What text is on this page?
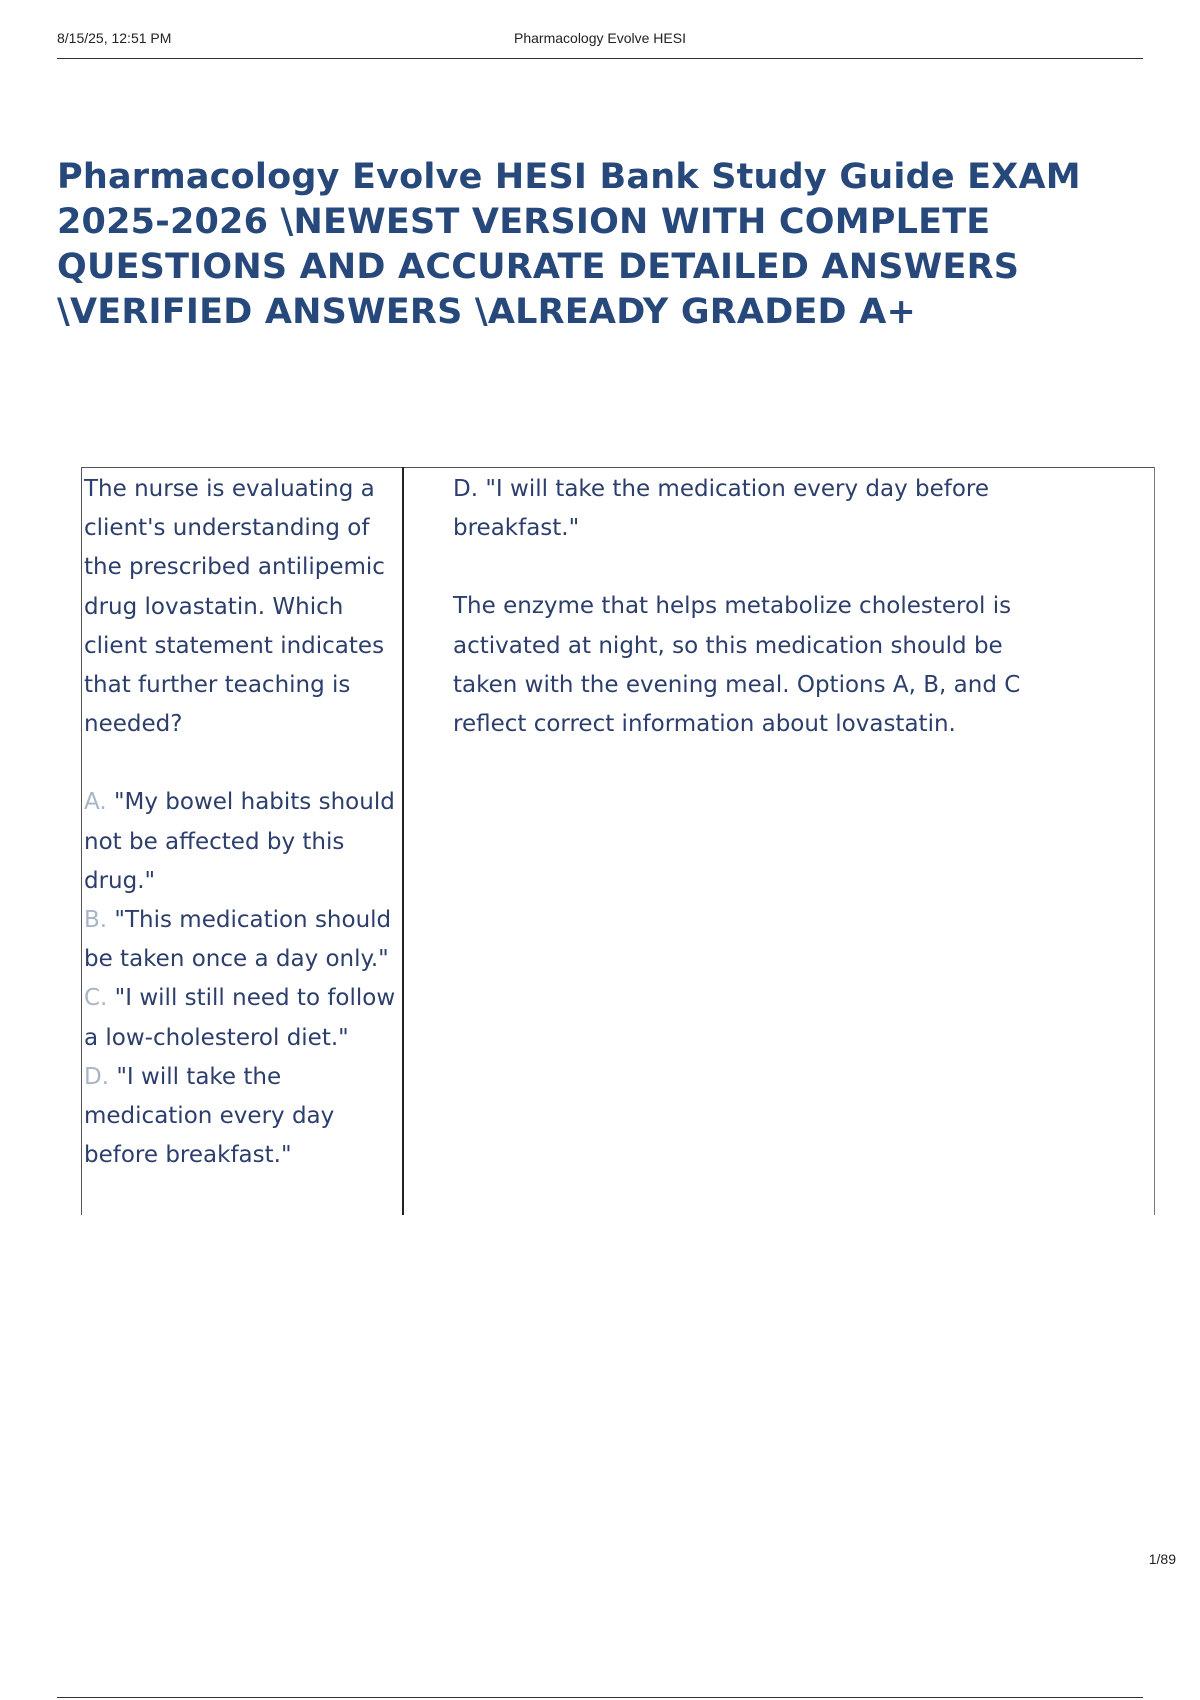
8/15/25, 12:51 PM	Pharmacology Evolve HESI
Pharmacology Evolve HESI Bank Study Guide EXAM 2025-2026 \NEWEST VERSION WITH COMPLETE QUESTIONS AND ACCURATE DETAILED ANSWERS \VERIFIED ANSWERS \ALREADY GRADED A+

The nurse is evaluating a client's understanding of the prescribed antilipemic drug lovastatin. Which client statement indicates that further teaching is needed?

A. "My bowel habits should not be affected by this drug."

B. "This medication should be taken once a day only."

C. "I will still need to follow a low-cholesterol diet."

D. "I will take the medication every day before breakfast."

D. "I will take the medication every day before breakfast."

The enzyme that helps metabolize cholesterol is activated at night, so this medication should be taken with the evening meal. Options A, B, and C reflect correct information about lovastatin.

1/89
